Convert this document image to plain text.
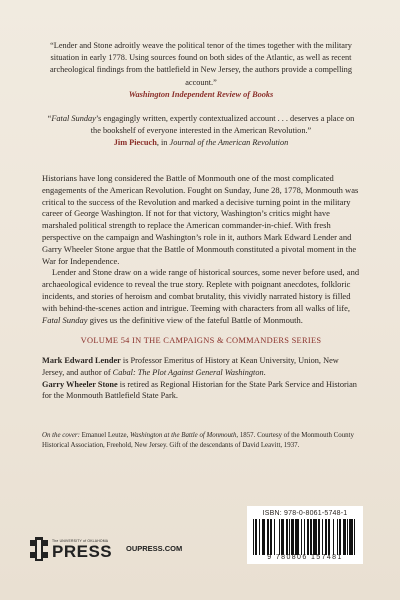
“Lender and Stone adroitly weave the political tenor of the times together with the military situation in early 1778. Using sources found on both sides of the Atlantic, as well as recent archeological findings from the battlefield in New Jersey, the authors provide a compelling account.”
Washington Independent Review of Books
“Fatal Sunday’s engagingly written, expertly contextualized account . . . deserves a place on the bookshelf of everyone interested in the American Revolution.”
Jim Piecuch, in Journal of the American Revolution

Historians have long considered the Battle of Monmouth one of the most complicated engagements of the American Revolution. Fought on Sunday, June 28, 1778, Monmouth was critical to the success of the Revolution and marked a decisive turning point in the military career of George Washington. If not for that victory, Washington’s critics might have marshaled political strength to replace the American commander-in-chief. With fresh perspective on the campaign and Washington’s role in it, authors Mark Edward Lender and Garry Wheeler Stone argue that the Battle of Monmouth constituted a pivotal moment in the War for Independence.

Lender and Stone draw on a wide range of historical sources, some never before used, and archaeological evidence to reveal the true story. Replete with poignant anecdotes, folkloric incidents, and stories of heroism and combat brutality, this vividly narrated history is filled with behind-the-scenes action and intrigue. Teeming with characters from all walks of life, Fatal Sunday gives us the definitive view of the fateful Battle of Monmouth.

VOLUME 54 IN THE CAMPAIGNS & COMMANDERS SERIES

Mark Edward Lender is Professor Emeritus of History at Kean University, Union, New Jersey, and author of Cabal: The Plot Against General Washington.

Garry Wheeler Stone is retired as Regional Historian for the State Park Service and Historian for the Monmouth Battlefield State Park.

On the cover: Emanuel Leutze, Washington at the Battle of Monmouth, 1857. Courtesy of the Monmouth County Historical Association, Freehold, New Jersey. Gift of the descendants of David Leavitt, 1937.
The UNIVERSITY of OKLAHOMA
PRESS OUPRESS.COM
ISBN: 978-0-8061-5748-1
9 780806 157481
